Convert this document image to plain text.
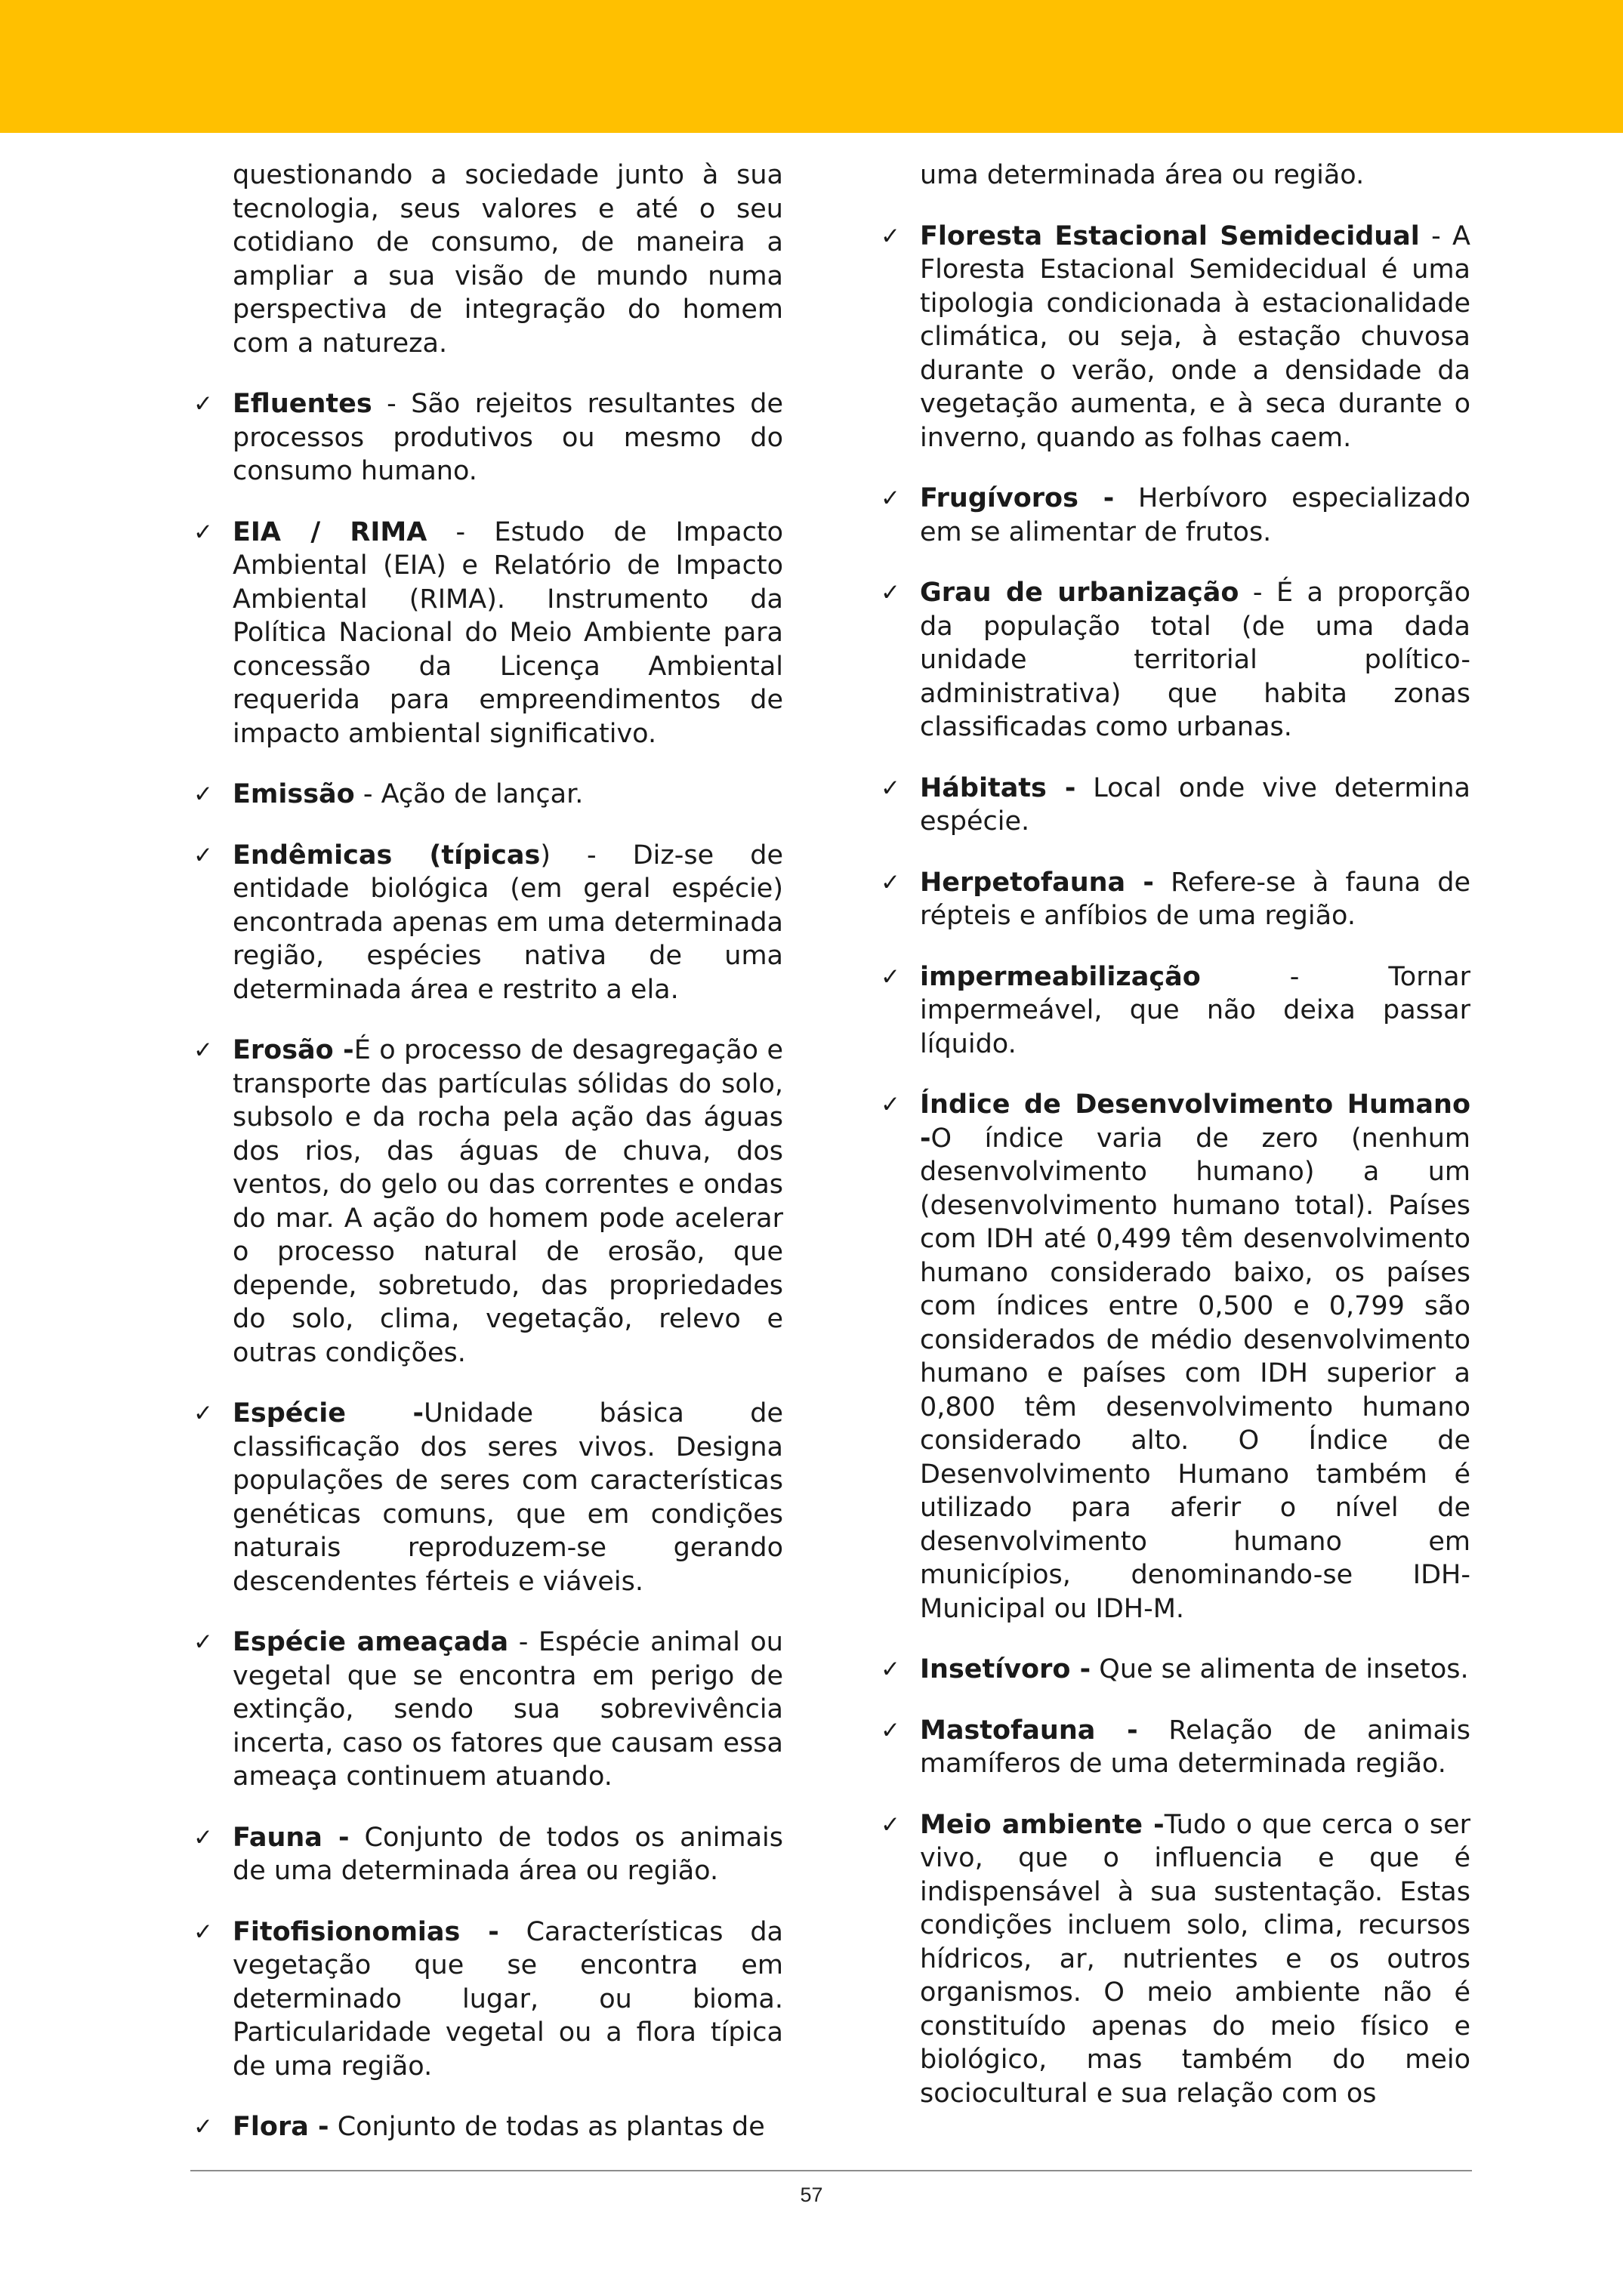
questionando a sociedade junto à sua tecnologia, seus valores e até o seu cotidiano de consumo, de maneira a ampliar a sua visão de mundo numa perspectiva de integração do homem com a natureza.
✓ Efluentes - São rejeitos resultantes de processos produtivos ou mesmo do consumo humano.
✓ EIA / RIMA - Estudo de Impacto Ambiental (EIA) e Relatório de Impacto Ambiental (RIMA). Instrumento da Política Nacional do Meio Ambiente para concessão da Licença Ambiental requerida para empreendimentos de impacto ambiental significativo.
✓ Emissão - Ação de lançar.
✓ Endêmicas (típicas) - Diz-se de entidade biológica (em geral espécie) encontrada apenas em uma determinada região, espécies nativa de uma determinada área e restrito a ela.
✓ Erosão -É o processo de desagregação e transporte das partículas sólidas do solo, subsolo e da rocha pela ação das águas dos rios, das águas de chuva, dos ventos, do gelo ou das correntes e ondas do mar. A ação do homem pode acelerar o processo natural de erosão, que depende, sobretudo, das propriedades do solo, clima, vegetação, relevo e outras condições.
✓ Espécie -Unidade básica de classificação dos seres vivos. Designa populações de seres com características genéticas comuns, que em condições naturais reproduzem-se gerando descendentes férteis e viáveis.
✓ Espécie ameaçada - Espécie animal ou vegetal que se encontra em perigo de extinção, sendo sua sobrevivência incerta, caso os fatores que causam essa ameaça continuem atuando.
✓ Fauna - Conjunto de todos os animais de uma determinada área ou região.
✓ Fitofisionomias - Características da vegetação que se encontra em determinado lugar, ou bioma. Particularidade vegetal ou a flora típica de uma região.
✓ Flora - Conjunto de todas as plantas de
uma determinada área ou região.
✓ Floresta Estacional Semidecidual - A Floresta Estacional Semidecidual é uma tipologia condicionada à estacionalidade climática, ou seja, à estação chuvosa durante o verão, onde a densidade da vegetação aumenta, e à seca durante o inverno, quando as folhas caem.
✓ Frugívoros - Herbívoro especializado em se alimentar de frutos.
✓ Grau de urbanização - É a proporção da população total (de uma dada unidade territorial político-administrativa) que habita zonas classificadas como urbanas.
✓ Hábitats - Local onde vive determina espécie.
✓ Herpetofauna - Refere-se à fauna de répteis e anfíbios de uma região.
✓ impermeabilização - Tornar impermeável, que não deixa passar líquido.
✓ Índice de Desenvolvimento Humano -O índice varia de zero (nenhum desenvolvimento humano) a um (desenvolvimento humano total). Países com IDH até 0,499 têm desenvolvimento humano considerado baixo, os países com índices entre 0,500 e 0,799 são considerados de médio desenvolvimento humano e países com IDH superior a 0,800 têm desenvolvimento humano considerado alto. O Índice de Desenvolvimento Humano também é utilizado para aferir o nível de desenvolvimento humano em municípios, denominando-se IDH-Municipal ou IDH-M.
✓ Insetívoro - Que se alimenta de insetos.
✓ Mastofauna - Relação de animais mamíferos de uma determinada região.
✓ Meio ambiente -Tudo o que cerca o ser vivo, que o influencia e que é indispensável à sua sustentação. Estas condições incluem solo, clima, recursos hídricos, ar, nutrientes e os outros organismos. O meio ambiente não é constituído apenas do meio físico e biológico, mas também do meio sociocultural e sua relação com os
57
